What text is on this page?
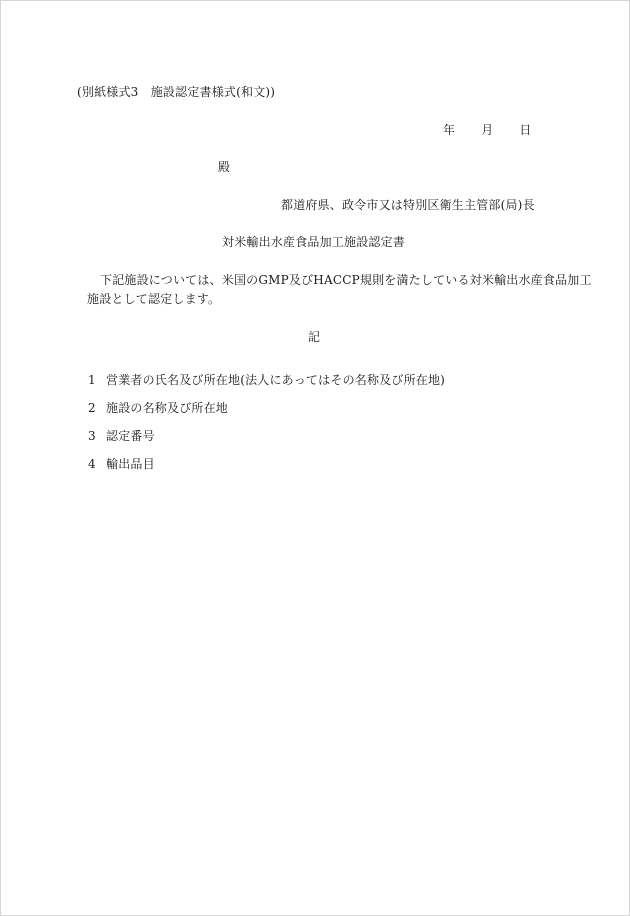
(別紙様式3　施設認定書様式(和文))
年 月 日
殿
都道府県、政令市又は特別区衛生主管部(局)長
対米輸出水産食品加工施設認定書
下記施設については、米国のGMP及びHACCP規則を満たしている対米輸出水産食品加工
施設として認定します。
記
1 営業者の氏名及び所在地(法人にあってはその名称及び所在地)
2 施設の名称及び所在地
3 認定番号
4 輸出品目
